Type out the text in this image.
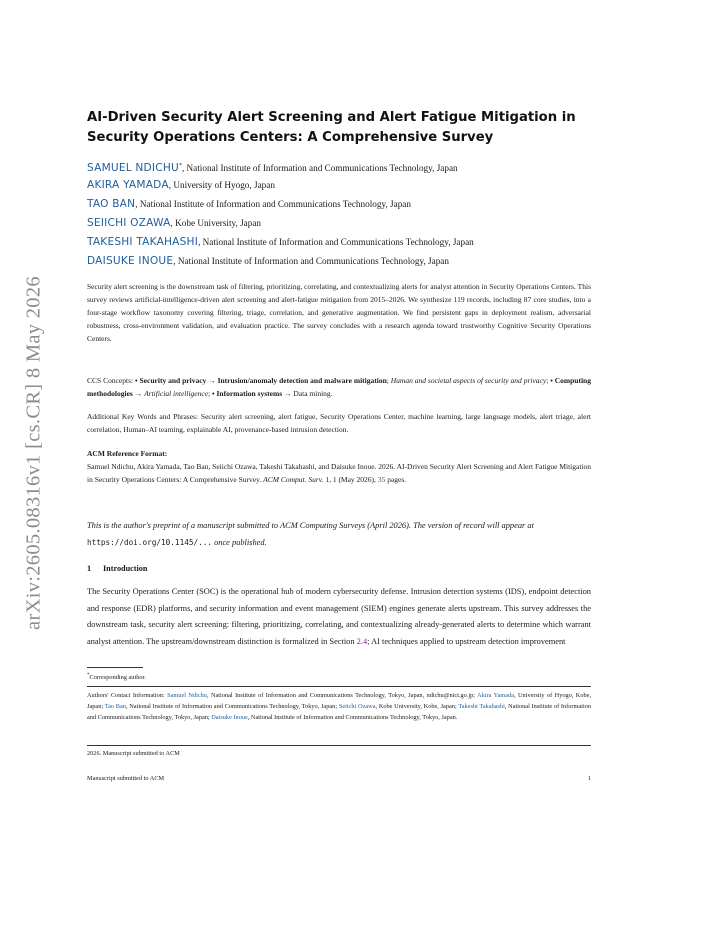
arXiv:2605.08316v1 [cs.CR] 8 May 2026
AI-Driven Security Alert Screening and Alert Fatigue Mitigation in Security Operations Centers: A Comprehensive Survey
SAMUEL NDICHU*, National Institute of Information and Communications Technology, Japan
AKIRA YAMADA, University of Hyogo, Japan
TAO BAN, National Institute of Information and Communications Technology, Japan
SEIICHI OZAWA, Kobe University, Japan
TAKESHI TAKAHASHI, National Institute of Information and Communications Technology, Japan
DAISUKE INOUE, National Institute of Information and Communications Technology, Japan
Security alert screening is the downstream task of filtering, prioritizing, correlating, and contextualizing alerts for analyst attention in Security Operations Centers. This survey reviews artificial-intelligence-driven alert screening and alert-fatigue mitigation from 2015–2026. We synthesize 119 records, including 87 core studies, into a four-stage workflow taxonomy covering filtering, triage, correlation, and generative augmentation. We find persistent gaps in deployment realism, adversarial robustness, cross-environment validation, and evaluation practice. The survey concludes with a research agenda toward trustworthy Cognitive Security Operations Centers.
CCS Concepts: • Security and privacy → Intrusion/anomaly detection and malware mitigation; Human and societal aspects of security and privacy; • Computing methodologies → Artificial intelligence; • Information systems → Data mining.
Additional Key Words and Phrases: Security alert screening, alert fatigue, Security Operations Center, machine learning, large language models, alert triage, alert correlation, Human–AI teaming, explainable AI, provenance-based intrusion detection.
ACM Reference Format:
Samuel Ndichu, Akira Yamada, Tao Ban, Seiichi Ozawa, Takeshi Takahashi, and Daisuke Inoue. 2026. AI-Driven Security Alert Screening and Alert Fatigue Mitigation in Security Operations Centers: A Comprehensive Survey. ACM Comput. Surv. 1, 1 (May 2026), 35 pages.
This is the author's preprint of a manuscript submitted to ACM Computing Surveys (April 2026). The version of record will appear at https://doi.org/10.1145/... once published.
1 Introduction
The Security Operations Center (SOC) is the operational hub of modern cybersecurity defense. Intrusion detection systems (IDS), endpoint detection and response (EDR) platforms, and security information and event management (SIEM) engines generate alerts upstream. This survey addresses the downstream task, security alert screening: filtering, prioritizing, correlating, and contextualizing already-generated alerts to determine which warrant analyst attention. The upstream/downstream distinction is formalized in Section 2.4; AI techniques applied to upstream detection improvement
*Corresponding author.
Authors' Contact Information: Samuel Ndichu, National Institute of Information and Communications Technology, Tokyo, Japan, ndichu@nict.go.jp; Akira Yamada, University of Hyogo, Kobe, Japan; Tao Ban, National Institute of Information and Communications Technology, Tokyo, Japan; Seiichi Ozawa, Kobe University, Kobe, Japan; Takeshi Takahashi, National Institute of Information and Communications Technology, Tokyo, Japan; Daisuke Inoue, National Institute of Information and Communications Technology, Tokyo, Japan.
2026. Manuscript submitted to ACM
Manuscript submitted to ACM	1
